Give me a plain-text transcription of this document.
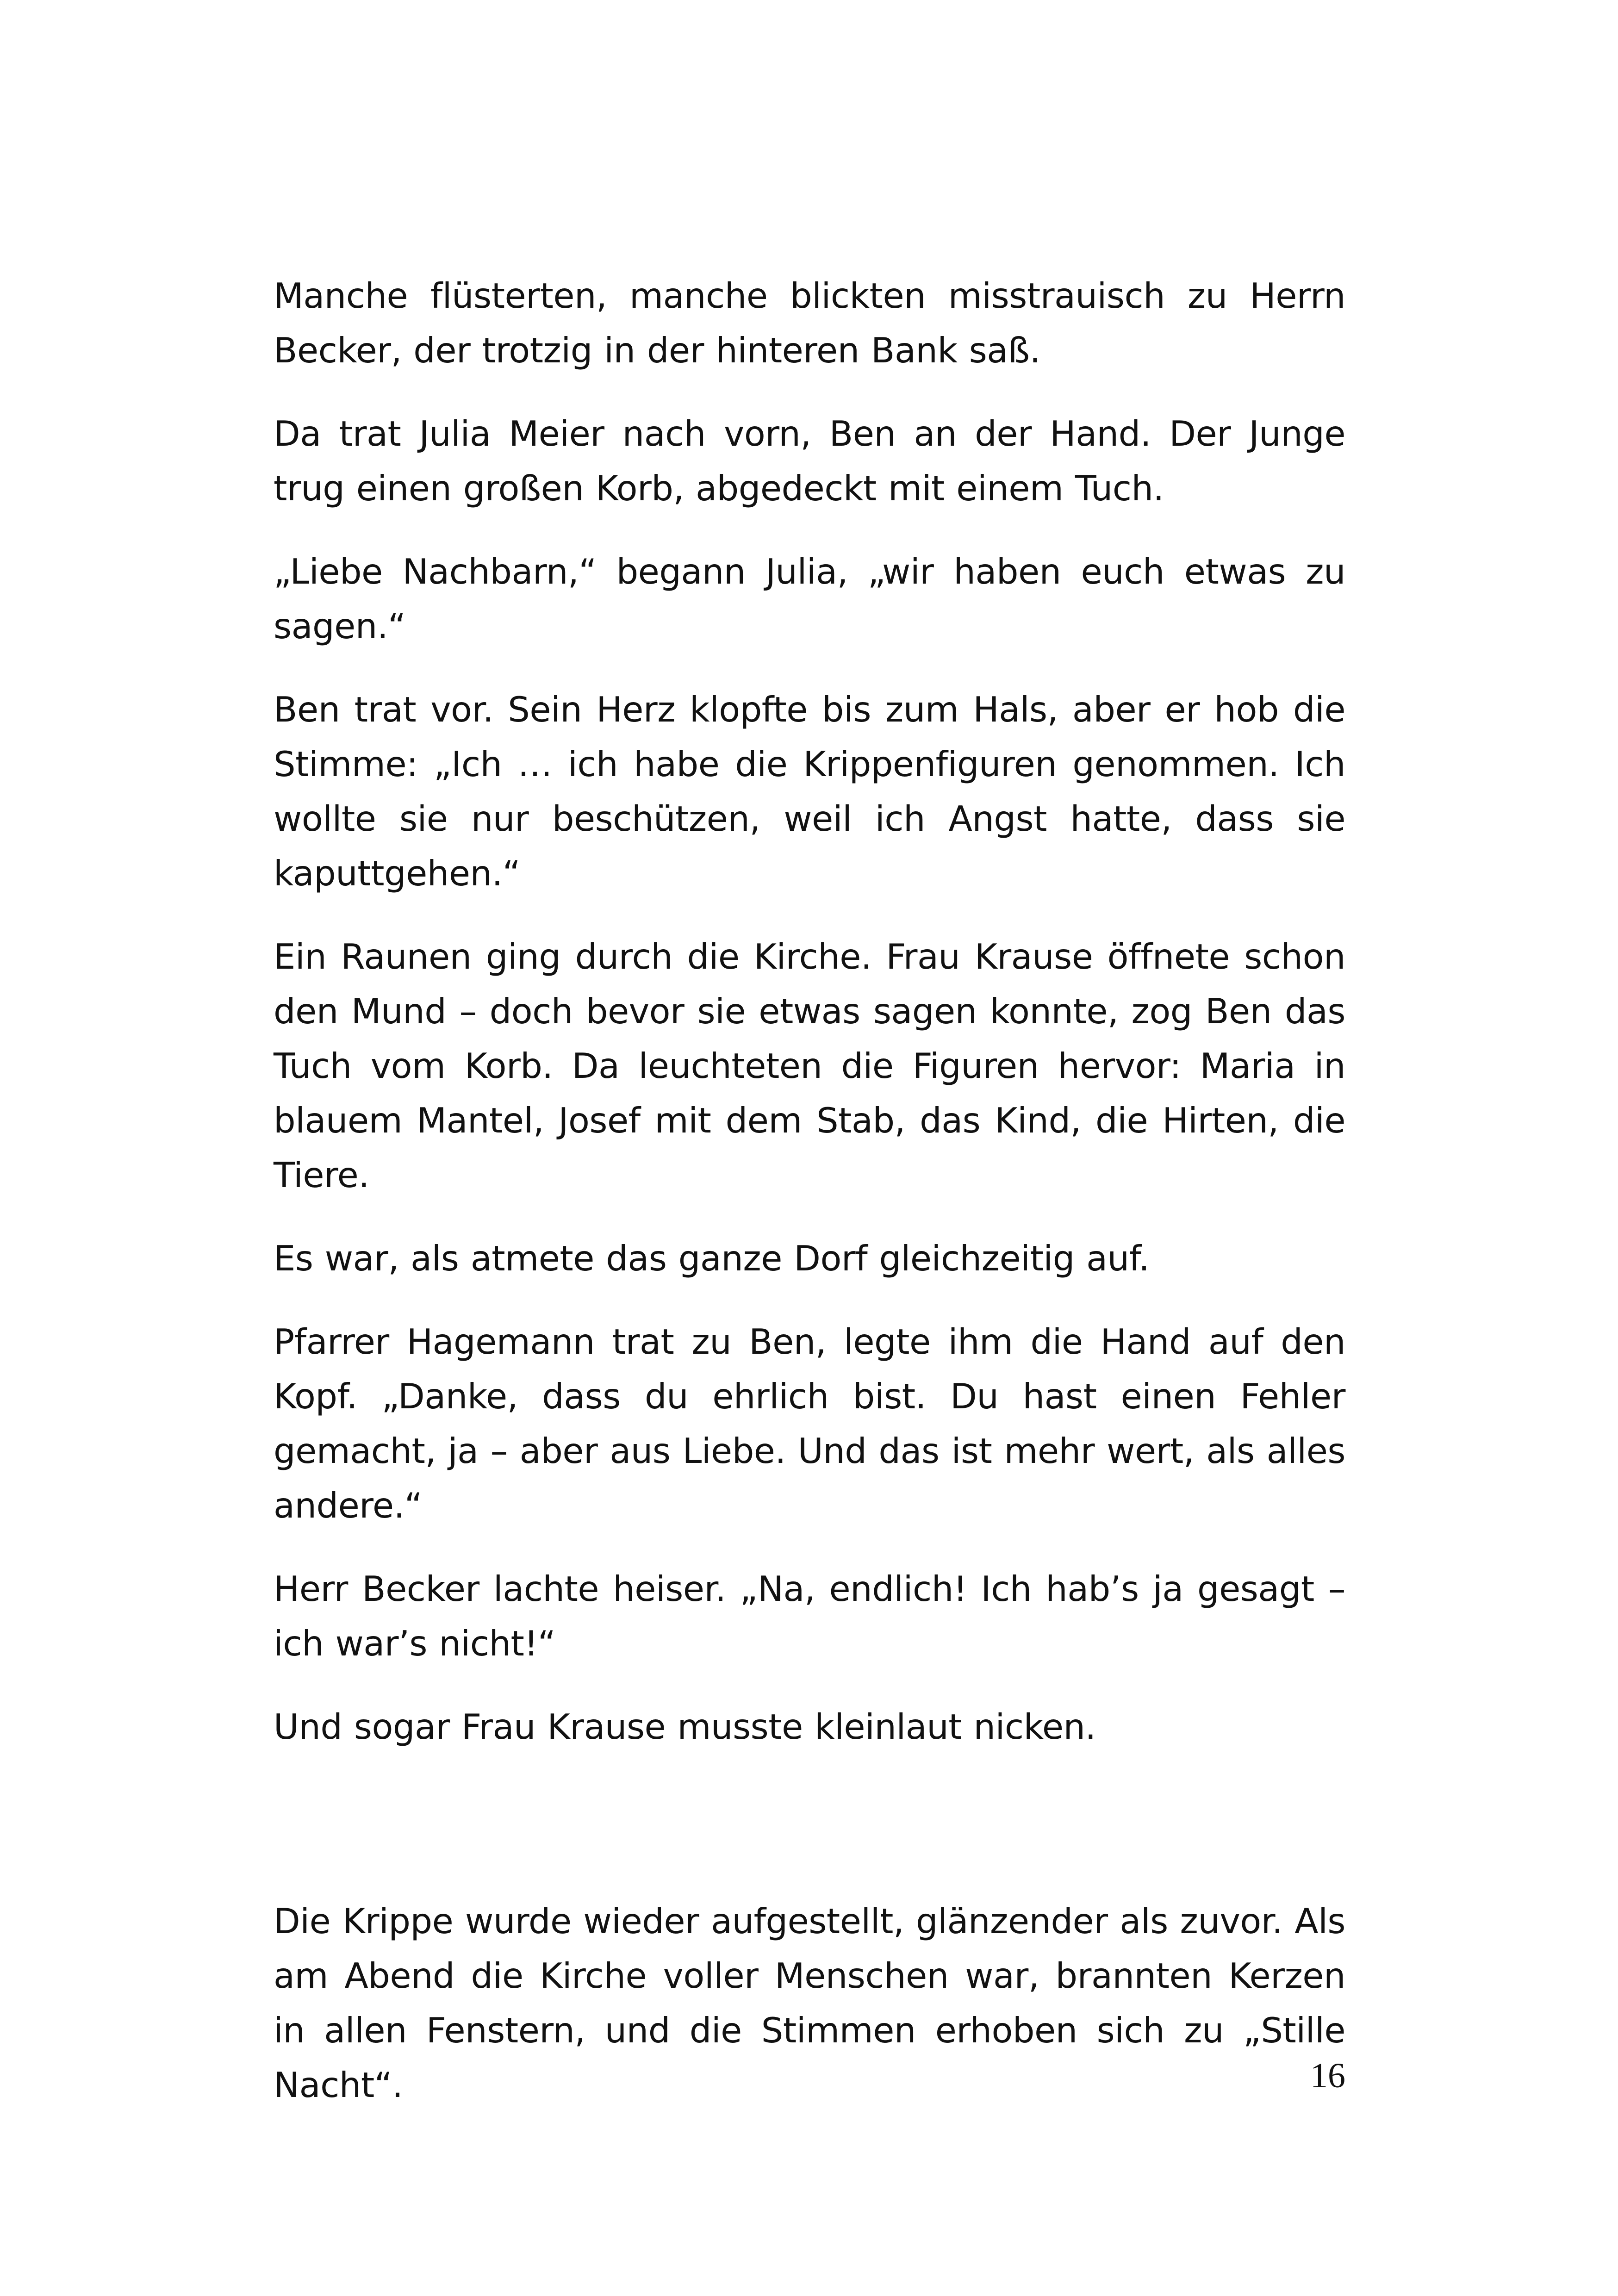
Manche flüsterten, manche blickten misstrauisch zu Herrn Becker, der trotzig in der hinteren Bank saß.

Da trat Julia Meier nach vorn, Ben an der Hand. Der Junge trug einen großen Korb, abgedeckt mit einem Tuch.

„Liebe Nachbarn,“ begann Julia, „wir haben euch etwas zu sagen.“

Ben trat vor. Sein Herz klopfte bis zum Hals, aber er hob die Stimme: „Ich … ich habe die Krippenfiguren genommen. Ich wollte sie nur beschützen, weil ich Angst hatte, dass sie kaputtgehen.“

Ein Raunen ging durch die Kirche. Frau Krause öffnete schon den Mund – doch bevor sie etwas sagen konnte, zog Ben das Tuch vom Korb. Da leuchteten die Figuren hervor: Maria in blauem Mantel, Josef mit dem Stab, das Kind, die Hirten, die Tiere.

Es war, als atmete das ganze Dorf gleichzeitig auf.

Pfarrer Hagemann trat zu Ben, legte ihm die Hand auf den Kopf. „Danke, dass du ehrlich bist. Du hast einen Fehler gemacht, ja – aber aus Liebe. Und das ist mehr wert, als alles andere.“

Herr Becker lachte heiser. „Na, endlich! Ich hab’s ja gesagt – ich war’s nicht!“

Und sogar Frau Krause musste kleinlaut nicken.

Die Krippe wurde wieder aufgestellt, glänzender als zuvor. Als am Abend die Kirche voller Menschen war, brannten Kerzen in allen Fenstern, und die Stimmen erhoben sich zu „Stille Nacht“.	16
